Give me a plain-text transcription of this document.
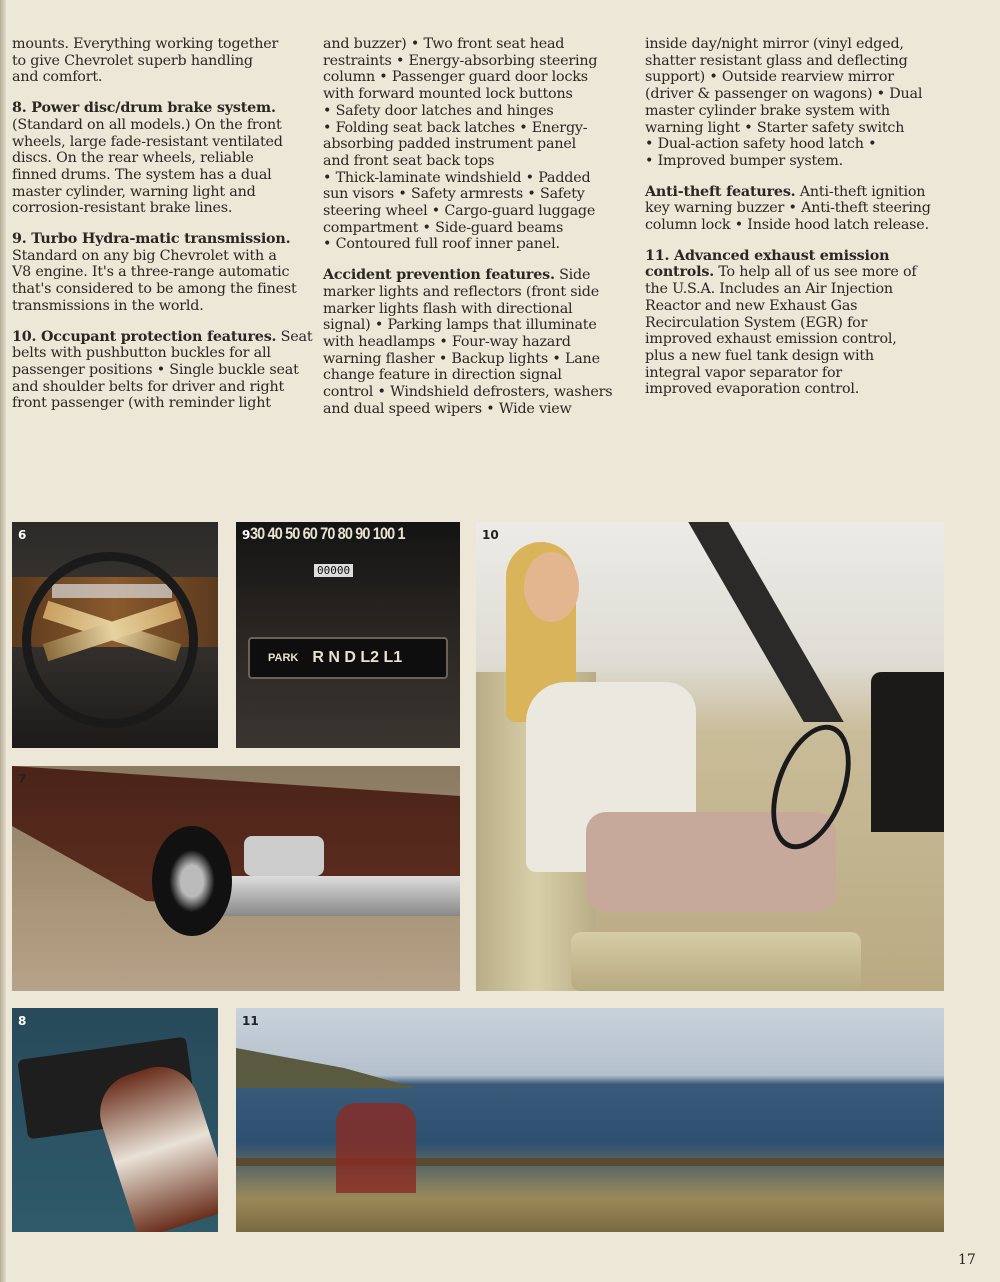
mounts. Everything working together
to give Chevrolet superb handling
and comfort.
8. Power disc/drum brake system.
(Standard on all models.) On the front
wheels, large fade-resistant ventilated
discs. On the rear wheels, reliable
finned drums. The system has a dual
master cylinder, warning light and
corrosion-resistant brake lines.
9. Turbo Hydra-matic transmission.
Standard on any big Chevrolet with a
V8 engine. It's a three-range automatic
that's considered to be among the finest
transmissions in the world.
10. Occupant protection features. Seat
belts with pushbutton buckles for all
passenger positions • Single buckle seat
and shoulder belts for driver and right
front passenger (with reminder light
and buzzer) • Two front seat head
restraints • Energy-absorbing steering
column • Passenger guard door locks
with forward mounted lock buttons
• Safety door latches and hinges
• Folding seat back latches • Energy-
absorbing padded instrument panel
and front seat back tops
• Thick-laminate windshield • Padded
sun visors • Safety armrests • Safety
steering wheel • Cargo-guard luggage
compartment • Side-guard beams
• Contoured full roof inner panel.
Accident prevention features. Side
marker lights and reflectors (front side
marker lights flash with directional
signal) • Parking lamps that illuminate
with headlamps • Four-way hazard
warning flasher • Backup lights • Lane
change feature in direction signal
control • Windshield defrosters, washers
and dual speed wipers • Wide view
inside day/night mirror (vinyl edged,
shatter resistant glass and deflecting
support) • Outside rearview mirror
(driver & passenger on wagons) • Dual
master cylinder brake system with
warning light • Starter safety switch
• Dual-action safety hood latch •
• Improved bumper system.
Anti-theft features. Anti-theft ignition
key warning buzzer • Anti-theft steering
column lock • Inside hood latch release.
11. Advanced exhaust emission
controls. To help all of us see more of
the U.S.A. Includes an Air Injection
Reactor and new Exhaust Gas
Recirculation System (EGR) for
improved exhaust emission control,
plus a new fuel tank design with
integral vapor separator for
improved evaporation control.
6	30 40 50 60 70 80 90 100 1
00000
PARK R N D L2 L1
9	10
7
8	11
17
